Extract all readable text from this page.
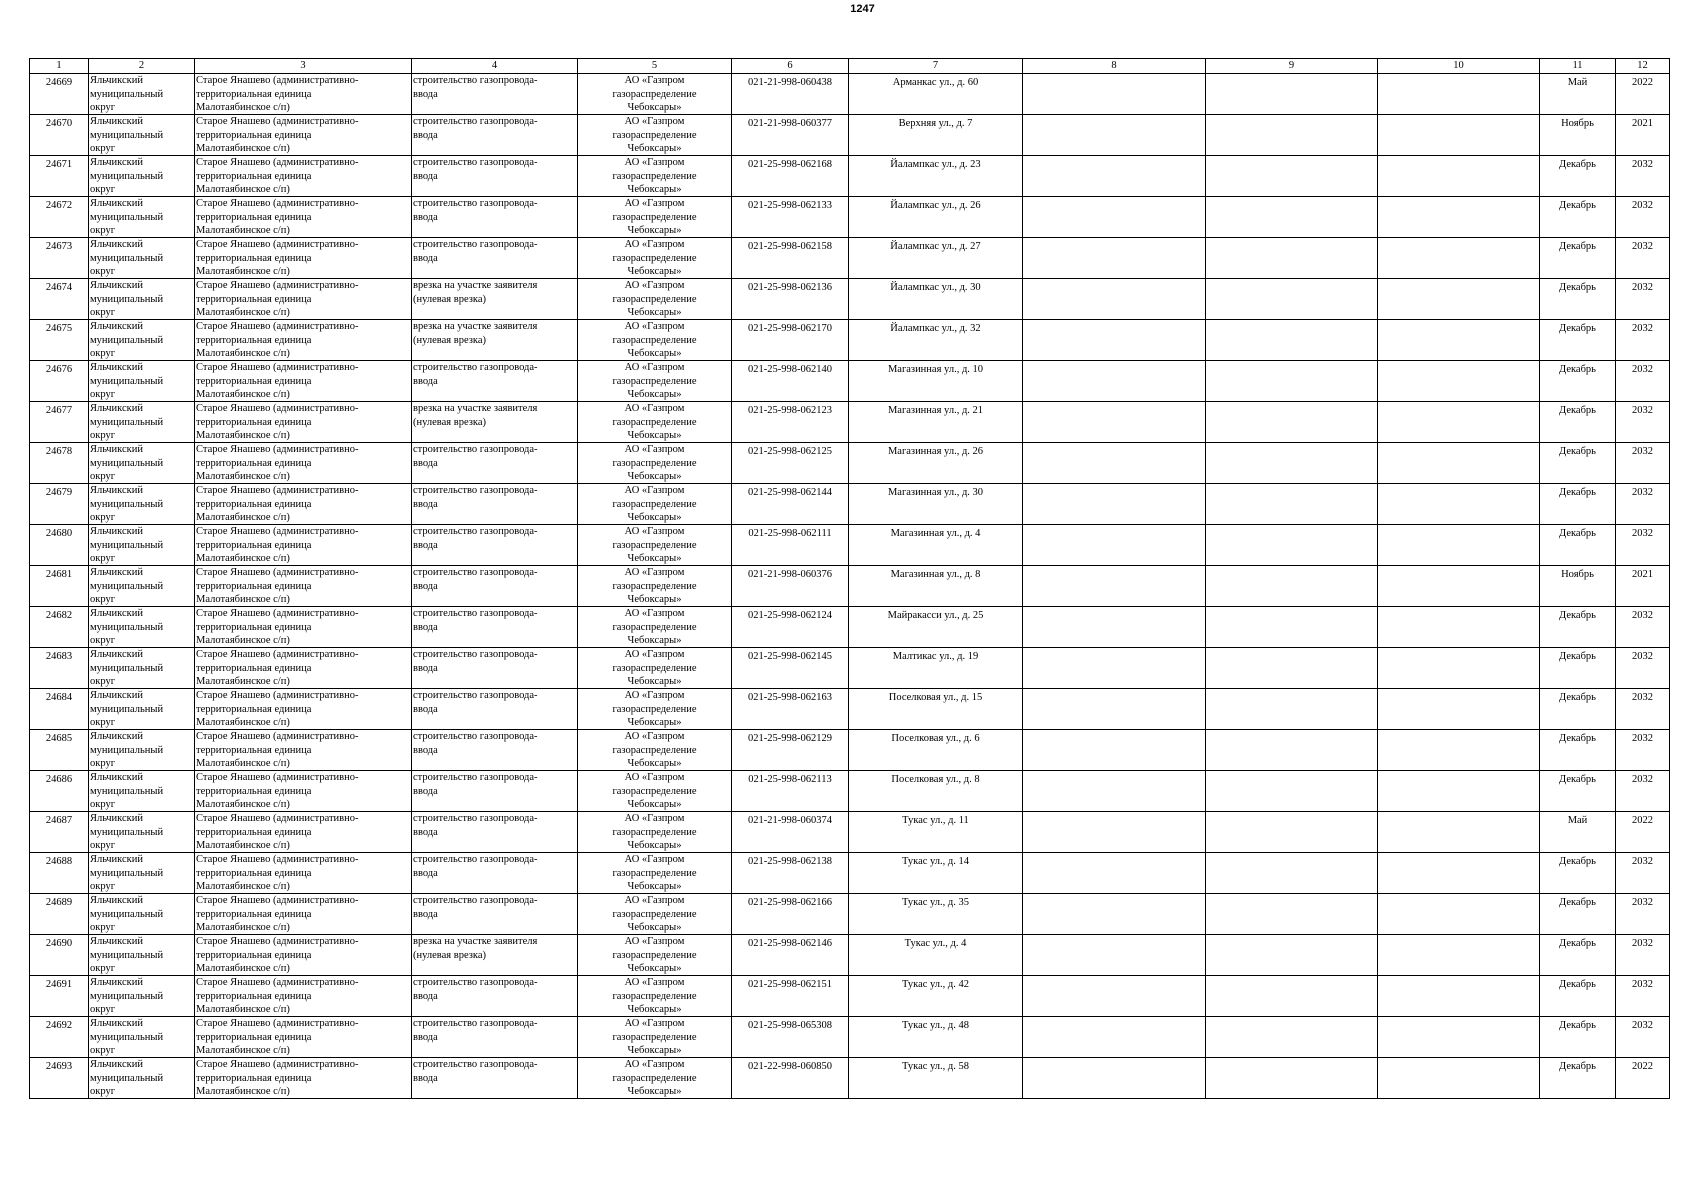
1247
1	2	3	4	5	6	7	8	9	10	11	12

24669	Яльчикский
муниципальный
округ	Старое Янашево (административно-
территориальная единица
Малотаябинское с/п)	строительство газопровода-
ввода	АО «Газпром
газораспределение
Чебоксары»	021-21-998-060438	Арманкас ул., д. 60				Май	2022

24670	Яльчикский
муниципальный
округ	Старое Янашево (административно-
территориальная единица
Малотаябинское с/п)	строительство газопровода-
ввода	АО «Газпром
газораспределение
Чебоксары»	021-21-998-060377	Верхняя ул., д. 7				Ноябрь	2021

24671	Яльчикский
муниципальный
округ	Старое Янашево (административно-
территориальная единица
Малотаябинское с/п)	строительство газопровода-
ввода	АО «Газпром
газораспределение
Чебоксары»	021-25-998-062168	Йалампкас ул., д. 23				Декабрь	2032

24672	Яльчикский
муниципальный
округ	Старое Янашево (административно-
территориальная единица
Малотаябинское с/п)	строительство газопровода-
ввода	АО «Газпром
газораспределение
Чебоксары»	021-25-998-062133	Йалампкас ул., д. 26				Декабрь	2032

24673	Яльчикский
муниципальный
округ	Старое Янашево (административно-
территориальная единица
Малотаябинское с/п)	строительство газопровода-
ввода	АО «Газпром
газораспределение
Чебоксары»	021-25-998-062158	Йалампкас ул., д. 27				Декабрь	2032

24674	Яльчикский
муниципальный
округ	Старое Янашево (административно-
территориальная единица
Малотаябинское с/п)	врезка на участке заявителя
(нулевая врезка)	АО «Газпром
газораспределение
Чебоксары»	021-25-998-062136	Йалампкас ул., д. 30				Декабрь	2032

24675	Яльчикский
муниципальный
округ	Старое Янашево (административно-
территориальная единица
Малотаябинское с/п)	врезка на участке заявителя
(нулевая врезка)	АО «Газпром
газораспределение
Чебоксары»	021-25-998-062170	Йалампкас ул., д. 32				Декабрь	2032

24676	Яльчикский
муниципальный
округ	Старое Янашево (административно-
территориальная единица
Малотаябинское с/п)	строительство газопровода-
ввода	АО «Газпром
газораспределение
Чебоксары»	021-25-998-062140	Магазинная ул., д. 10				Декабрь	2032

24677	Яльчикский
муниципальный
округ	Старое Янашево (административно-
территориальная единица
Малотаябинское с/п)	врезка на участке заявителя
(нулевая врезка)	АО «Газпром
газораспределение
Чебоксары»	021-25-998-062123	Магазинная ул., д. 21				Декабрь	2032

24678	Яльчикский
муниципальный
округ	Старое Янашево (административно-
территориальная единица
Малотаябинское с/п)	строительство газопровода-
ввода	АО «Газпром
газораспределение
Чебоксары»	021-25-998-062125	Магазинная ул., д. 26				Декабрь	2032

24679	Яльчикский
муниципальный
округ	Старое Янашево (административно-
территориальная единица
Малотаябинское с/п)	строительство газопровода-
ввода	АО «Газпром
газораспределение
Чебоксары»	021-25-998-062144	Магазинная ул., д. 30				Декабрь	2032

24680	Яльчикский
муниципальный
округ	Старое Янашево (административно-
территориальная единица
Малотаябинское с/п)	строительство газопровода-
ввода	АО «Газпром
газораспределение
Чебоксары»	021-25-998-062111	Магазинная ул., д. 4				Декабрь	2032

24681	Яльчикский
муниципальный
округ	Старое Янашево (административно-
территориальная единица
Малотаябинское с/п)	строительство газопровода-
ввода	АО «Газпром
газораспределение
Чебоксары»	021-21-998-060376	Магазинная ул., д. 8				Ноябрь	2021

24682	Яльчикский
муниципальный
округ	Старое Янашево (административно-
территориальная единица
Малотаябинское с/п)	строительство газопровода-
ввода	АО «Газпром
газораспределение
Чебоксары»	021-25-998-062124	Майракасси ул., д. 25				Декабрь	2032

24683	Яльчикский
муниципальный
округ	Старое Янашево (административно-
территориальная единица
Малотаябинское с/п)	строительство газопровода-
ввода	АО «Газпром
газораспределение
Чебоксары»	021-25-998-062145	Малтикас ул., д. 19				Декабрь	2032

24684	Яльчикский
муниципальный
округ	Старое Янашево (административно-
территориальная единица
Малотаябинское с/п)	строительство газопровода-
ввода	АО «Газпром
газораспределение
Чебоксары»	021-25-998-062163	Поселковая ул., д. 15				Декабрь	2032

24685	Яльчикский
муниципальный
округ	Старое Янашево (административно-
территориальная единица
Малотаябинское с/п)	строительство газопровода-
ввода	АО «Газпром
газораспределение
Чебоксары»	021-25-998-062129	Поселковая ул., д. 6				Декабрь	2032

24686	Яльчикский
муниципальный
округ	Старое Янашево (административно-
территориальная единица
Малотаябинское с/п)	строительство газопровода-
ввода	АО «Газпром
газораспределение
Чебоксары»	021-25-998-062113	Поселковая ул., д. 8				Декабрь	2032

24687	Яльчикский
муниципальный
округ	Старое Янашево (административно-
территориальная единица
Малотаябинское с/п)	строительство газопровода-
ввода	АО «Газпром
газораспределение
Чебоксары»	021-21-998-060374	Тукас ул., д. 11				Май	2022

24688	Яльчикский
муниципальный
округ	Старое Янашево (административно-
территориальная единица
Малотаябинское с/п)	строительство газопровода-
ввода	АО «Газпром
газораспределение
Чебоксары»	021-25-998-062138	Тукас ул., д. 14				Декабрь	2032

24689	Яльчикский
муниципальный
округ	Старое Янашево (административно-
территориальная единица
Малотаябинское с/п)	строительство газопровода-
ввода	АО «Газпром
газораспределение
Чебоксары»	021-25-998-062166	Тукас ул., д. 35				Декабрь	2032

24690	Яльчикский
муниципальный
округ	Старое Янашево (административно-
территориальная единица
Малотаябинское с/п)	врезка на участке заявителя
(нулевая врезка)	АО «Газпром
газораспределение
Чебоксары»	021-25-998-062146	Тукас ул., д. 4				Декабрь	2032

24691	Яльчикский
муниципальный
округ	Старое Янашево (административно-
территориальная единица
Малотаябинское с/п)	строительство газопровода-
ввода	АО «Газпром
газораспределение
Чебоксары»	021-25-998-062151	Тукас ул., д. 42				Декабрь	2032

24692	Яльчикский
муниципальный
округ	Старое Янашево (административно-
территориальная единица
Малотаябинское с/п)	строительство газопровода-
ввода	АО «Газпром
газораспределение
Чебоксары»	021-25-998-065308	Тукас ул., д. 48				Декабрь	2032

24693	Яльчикский
муниципальный
округ	Старое Янашево (административно-
территориальная единица
Малотаябинское с/п)	строительство газопровода-
ввода	АО «Газпром
газораспределение
Чебоксары»	021-22-998-060850	Тукас ул., д. 58				Декабрь	2022
